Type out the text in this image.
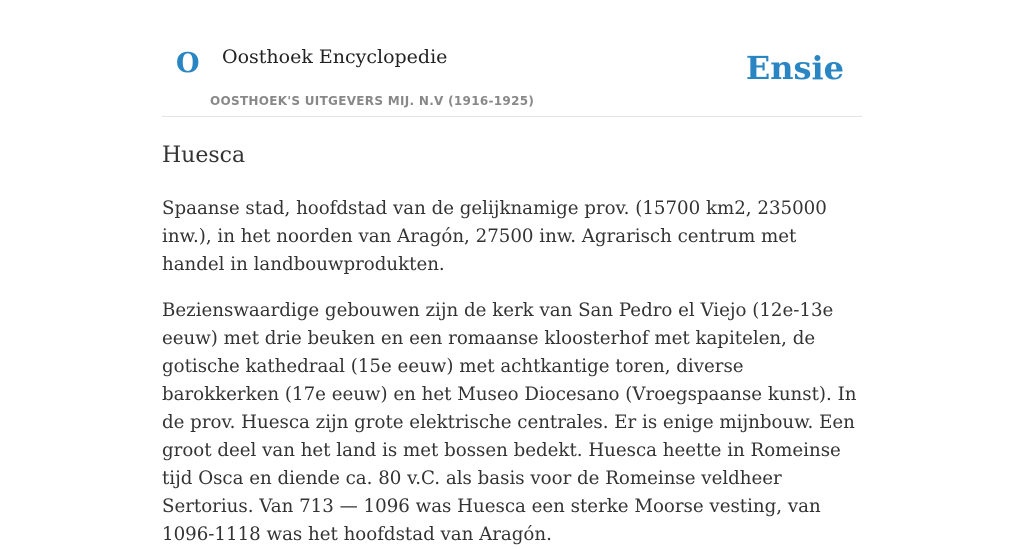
O Oosthoek Encyclopedie
OOSTHOEK'S UITGEVERS MIJ. N.V (1916-1925)
Ensie
Huesca

Spaanse stad, hoofdstad van de gelijknamige prov. (15700 km2, 235000 inw.), in het noorden van Aragón, 27500 inw. Agrarisch centrum met handel in landbouwprodukten.

Bezienswaardige gebouwen zijn de kerk van San Pedro el Viejo (12e-13e eeuw) met drie beuken en een romaanse kloosterhof met kapitelen, de gotische kathedraal (15e eeuw) met achtkantige toren, diverse barokkerken (17e eeuw) en het Museo Diocesano (Vroegspaanse kunst). In de prov. Huesca zijn grote elektrische centrales. Er is enige mijnbouw. Een groot deel van het land is met bossen bedekt. Huesca heette in Romeinse tijd Osca en diende ca. 80 v.C. als basis voor de Romeinse veldheer Sertorius. Van 713 — 1096 was Huesca een sterke Moorse vesting, van 1096-1118 was het hoofdstad van Aragón.
